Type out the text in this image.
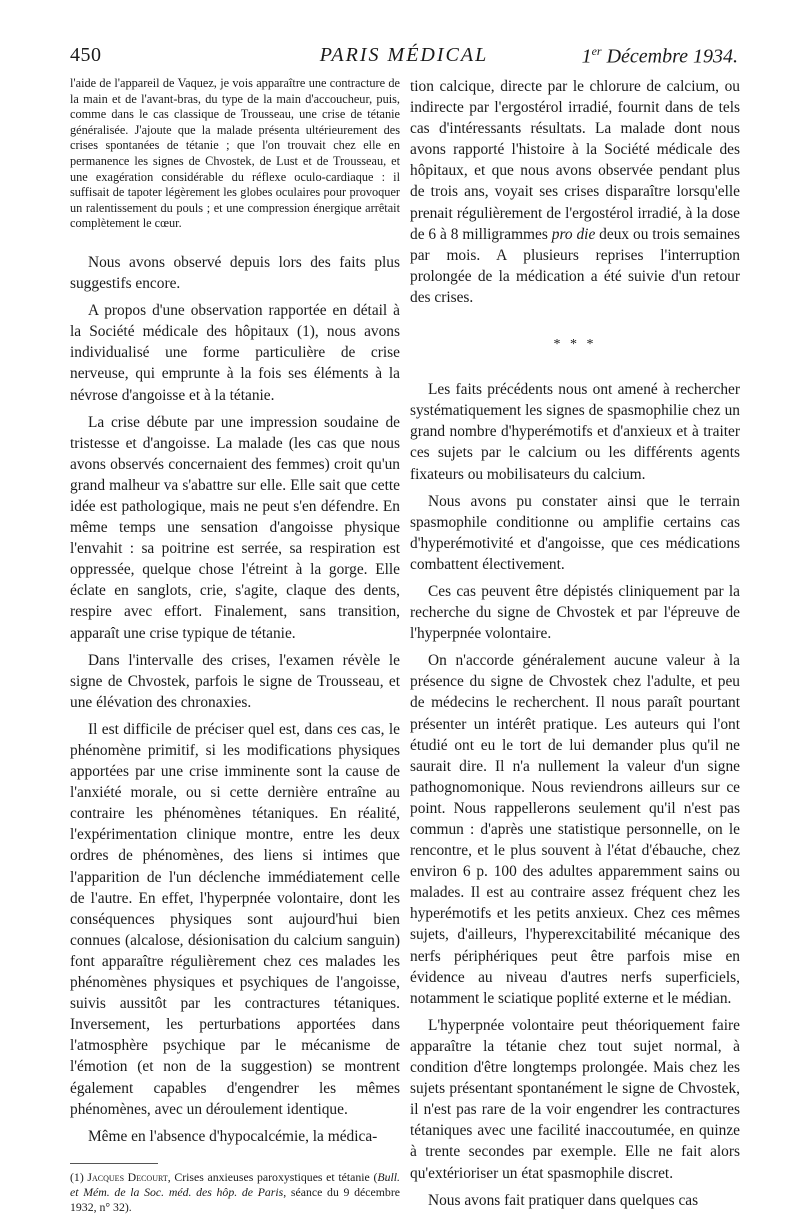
450	PARIS MÉDICAL	1er Décembre 1934.

l'aide de l'appareil de Vaquez, je vois apparaître une contracture de la main et de l'avant-bras, du type de la main d'accoucheur, puis, comme dans le cas classique de Trousseau, une crise de tétanie généralisée. J'ajoute que la malade présenta ultérieurement des crises spontanées de tétanie ; que l'on trouvait chez elle en permanence les signes de Chvostek, de Lust et de Trousseau, et une exagération considérable du réflexe oculo-cardiaque : il suffisait de tapoter légèrement les globes oculaires pour provoquer un ralentissement du pouls ; et une compression énergique arrêtait complètement le cœur.

Nous avons observé depuis lors des faits plus suggestifs encore.

A propos d'une observation rapportée en détail à la Société médicale des hôpitaux (1), nous avons individualisé une forme particulière de crise nerveuse, qui emprunte à la fois ses éléments à la névrose d'angoisse et à la tétanie.

La crise débute par une impression soudaine de tristesse et d'angoisse. La malade (les cas que nous avons observés concernaient des femmes) croit qu'un grand malheur va s'abattre sur elle. Elle sait que cette idée est pathologique, mais ne peut s'en défendre. En même temps une sensation d'angoisse physique l'envahit : sa poitrine est serrée, sa respiration est oppressée, quelque chose l'étreint à la gorge. Elle éclate en sanglots, crie, s'agite, claque des dents, respire avec effort. Finalement, sans transition, apparaît une crise typique de tétanie.

Dans l'intervalle des crises, l'examen révèle le signe de Chvostek, parfois le signe de Trousseau, et une élévation des chronaxies.

Il est difficile de préciser quel est, dans ces cas, le phénomène primitif, si les modifications physiques apportées par une crise imminente sont la cause de l'anxiété morale, ou si cette dernière entraîne au contraire les phénomènes tétaniques. En réalité, l'expérimentation clinique montre, entre les deux ordres de phénomènes, des liens si intimes que l'apparition de l'un déclenche immédiatement celle de l'autre. En effet, l'hyperpnée volontaire, dont les conséquences physiques sont aujourd'hui bien connues (alcalose, désionisation du calcium sanguin) font apparaître régulièrement chez ces malades les phénomènes physiques et psychiques de l'angoisse, suivis aussitôt par les contractures tétaniques. Inversement, les perturbations apportées dans l'atmosphère psychique par le mécanisme de l'émotion (et non de la suggestion) se montrent également capables d'engendrer les mêmes phénomènes, avec un déroulement identique.

Même en l'absence d'hypocalcémie, la médica-

(1) Jacques Decourt, Crises anxieuses paroxystiques et tétanie (Bull. et Mém. de la Soc. méd. des hôp. de Paris, séance du 9 décembre 1932, n° 32).

tion calcique, directe par le chlorure de calcium, ou indirecte par l'ergostérol irradié, fournit dans de tels cas d'intéressants résultats. La malade dont nous avons rapporté l'histoire à la Société médicale des hôpitaux, et que nous avons observée pendant plus de trois ans, voyait ses crises disparaître lorsqu'elle prenait régulièrement de l'ergostérol irradié, à la dose de 6 à 8 milligrammes pro die deux ou trois semaines par mois. A plusieurs reprises l'interruption prolongée de la médication a été suivie d'un retour des crises.

* * *

Les faits précédents nous ont amené à rechercher systématiquement les signes de spasmophilie chez un grand nombre d'hyperémotifs et d'anxieux et à traiter ces sujets par le calcium ou les différents agents fixateurs ou mobilisateurs du calcium.

Nous avons pu constater ainsi que le terrain spasmophile conditionne ou amplifie certains cas d'hyperémotivité et d'angoisse, que ces médications combattent électivement.

Ces cas peuvent être dépistés cliniquement par la recherche du signe de Chvostek et par l'épreuve de l'hyperpnée volontaire.

On n'accorde généralement aucune valeur à la présence du signe de Chvostek chez l'adulte, et peu de médecins le recherchent. Il nous paraît pourtant présenter un intérêt pratique. Les auteurs qui l'ont étudié ont eu le tort de lui demander plus qu'il ne saurait dire. Il n'a nullement la valeur d'un signe pathognomonique. Nous reviendrons ailleurs sur ce point. Nous rappellerons seulement qu'il n'est pas commun : d'après une statistique personnelle, on le rencontre, et le plus souvent à l'état d'ébauche, chez environ 6 p. 100 des adultes apparemment sains ou malades. Il est au contraire assez fréquent chez les hyperémotifs et les petits anxieux. Chez ces mêmes sujets, d'ailleurs, l'hyperexcitabilité mécanique des nerfs périphériques peut être parfois mise en évidence au niveau d'autres nerfs superficiels, notamment le sciatique poplité externe et le médian.

L'hyperpnée volontaire peut théoriquement faire apparaître la tétanie chez tout sujet normal, à condition d'être longtemps prolongée. Mais chez les sujets présentant spontanément le signe de Chvostek, il n'est pas rare de la voir engendrer les contractures tétaniques avec une facilité inaccoutumée, en quinze à trente secondes par exemple. Elle ne fait alors qu'extérioriser un état spasmophile discret.

Nous avons fait pratiquer dans quelques cas
